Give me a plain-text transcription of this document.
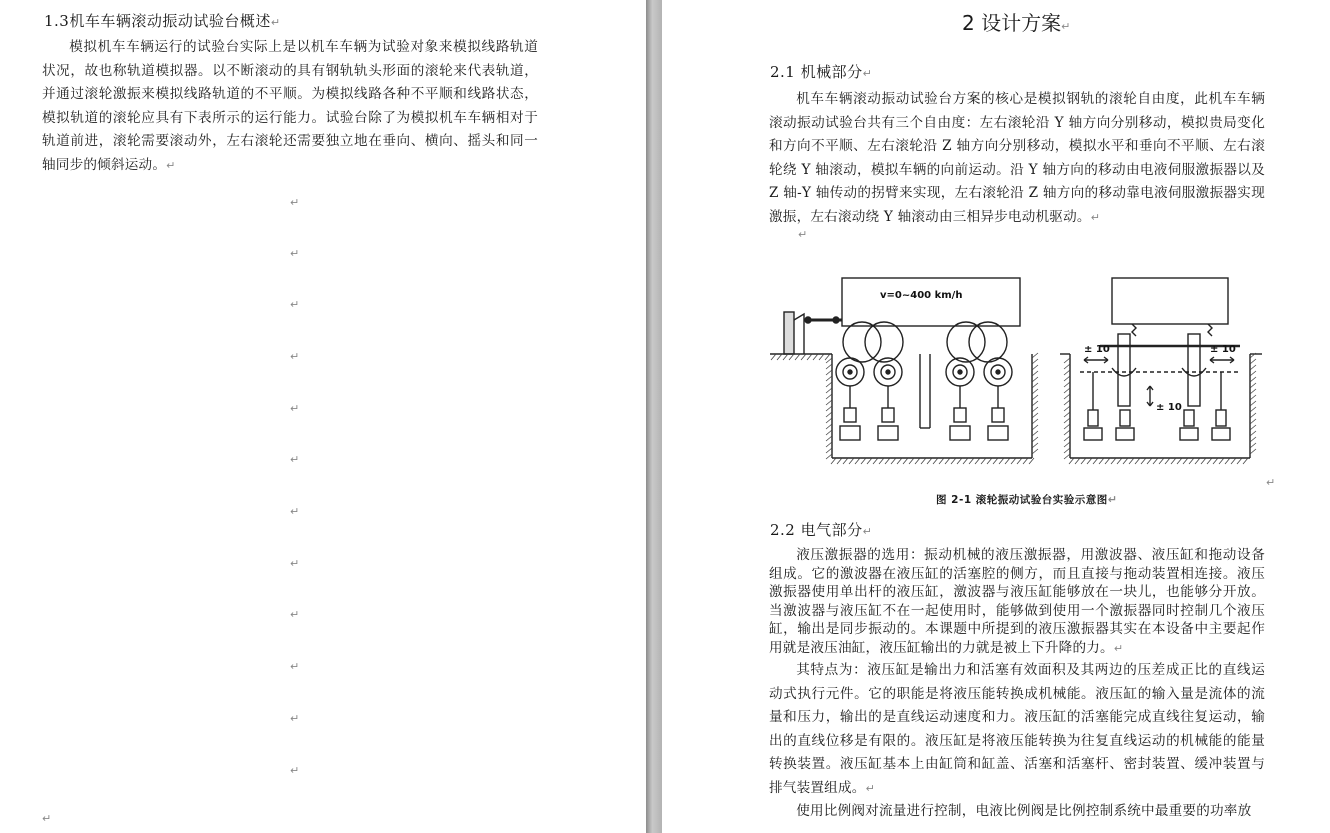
1.3机车车辆滚动振动试验台概述↵

模拟机车车辆运行的试验台实际上是以机车车辆为试验对象来模拟线路轨道状况，故也称轨道模拟器。以不断滚动的具有钢轨轨头形面的滚轮来代表轨道，并通过滚轮激振来模拟线路轨道的不平顺。为模拟线路各种不平顺和线路状态，模拟轨道的滚轮应具有下表所示的运行能力。试验台除了为模拟机车车辆相对于轨道前进，滚轮需要滚动外，左右滚轮还需要独立地在垂向、横向、摇头和同一轴同步的倾斜运动。↵

↵
↵
↵
↵
↵
↵
↵
↵
↵
↵
↵
↵
↵
2 设计方案↵
2.1 机械部分↵

机车车辆滚动振动试验台方案的核心是模拟钢轨的滚轮自由度，此机车车辆滚动振动试验台共有三个自由度：左右滚轮沿 Y 轴方向分别移动，模拟贵局变化和方向不平顺、左右滚轮沿 Z 轴方向分别移动，模拟水平和垂向不平顺、左右滚轮绕 Y 轴滚动，模拟车辆的向前运动。沿 Y 轴方向的移动由电液伺服激振器以及 Z 轴-Y 轴传动的拐臂来实现，左右滚轮沿 Z 轴方向的移动靠电液伺服激振器实现激振，左右滚动绕 Y 轴滚动由三相异步电动机驱动。↵

↵
v=0~400 km/h
± 10	± 10
± 10
↵
图 2-1 滚轮振动试验台实验示意图↵
2.2 电气部分↵

液压激振器的选用：振动机械的液压激振器，用激波器、液压缸和拖动设备组成。它的激波器在液压缸的活塞腔的侧方，而且直接与拖动装置相连接。液压激振器使用单出杆的液压缸，激波器与液压缸能够放在一块儿，也能够分开放。当激波器与液压缸不在一起使用时，能够做到使用一个激振器同时控制几个液压缸，输出是同步振动的。本课题中所提到的液压激振器其实在本设备中主要起作用就是液压油缸，液压缸输出的力就是被上下升降的力。↵

其特点为：液压缸是输出力和活塞有效面积及其两边的压差成正比的直线运动式执行元件。它的职能是将液压能转换成机械能。液压缸的输入量是流体的流量和压力，输出的是直线运动速度和力。液压缸的活塞能完成直线往复运动，输出的直线位移是有限的。液压缸是将液压能转换为往复直线运动的机械能的能量转换装置。液压缸基本上由缸筒和缸盖、活塞和活塞杆、密封装置、缓冲装置与排气装置组成。↵

使用比例阀对流量进行控制，电液比例阀是比例控制系统中最重要的功率放
